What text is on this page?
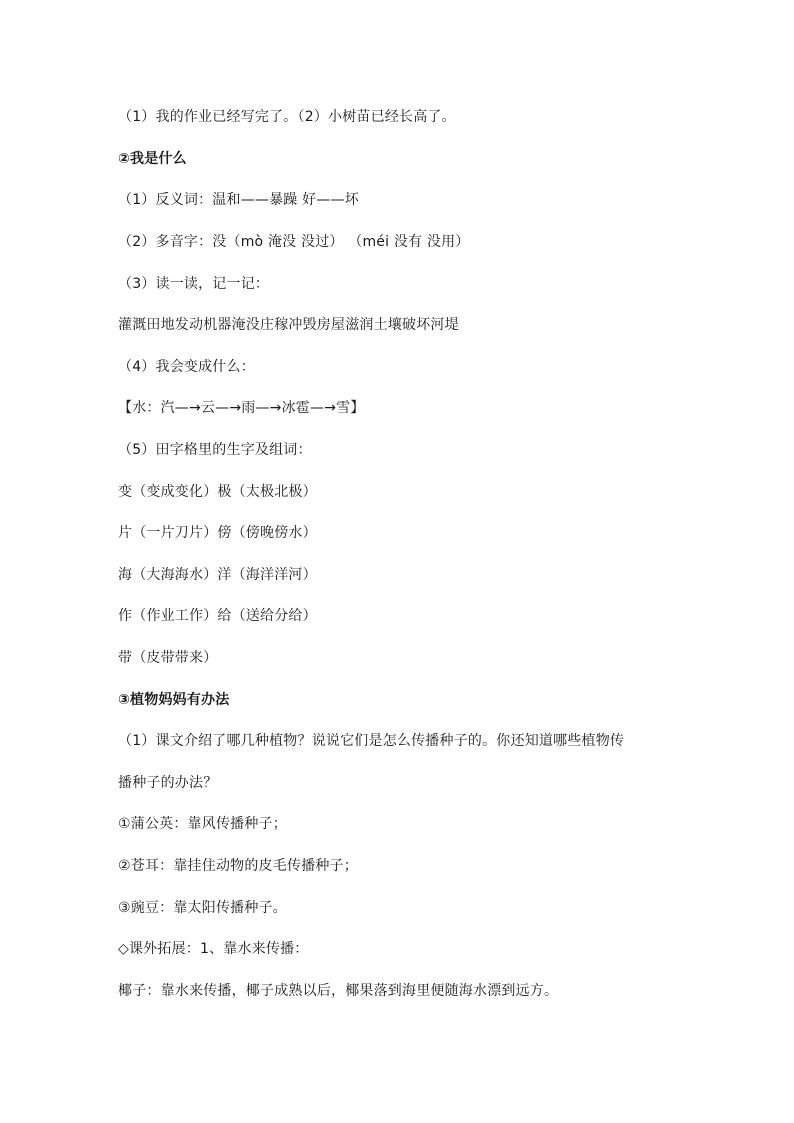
（1）我的作业已经写完了。（2）小树苗已经长高了。
②我是什么
（1）反义词：温和——暴躁 好——坏
（2）多音字：没（mò 淹没 没过） （méi 没有 没用）
（3）读一读，记一记：
灌溉田地发动机器淹没庄稼冲毁房屋滋润土壤破坏河堤
（4）我会变成什么：
【水：汽—→云—→雨—→冰雹—→雪】
（5）田字格里的生字及组词：
变（变成变化）极（太极北极）
片（一片刀片）傍（傍晚傍水）
海（大海海水）洋（海洋洋河）
作（作业工作）给（送给分给）
带（皮带带来）
③植物妈妈有办法
（1）课文介绍了哪几种植物？说说它们是怎么传播种子的。你还知道哪些植物传
播种子的办法？
①蒲公英：靠风传播种子；
②苍耳：靠挂住动物的皮毛传播种子；
③豌豆：靠太阳传播种子。
◇课外拓展：1、靠水来传播：
椰子：靠水来传播，椰子成熟以后，椰果落到海里便随海水漂到远方。
